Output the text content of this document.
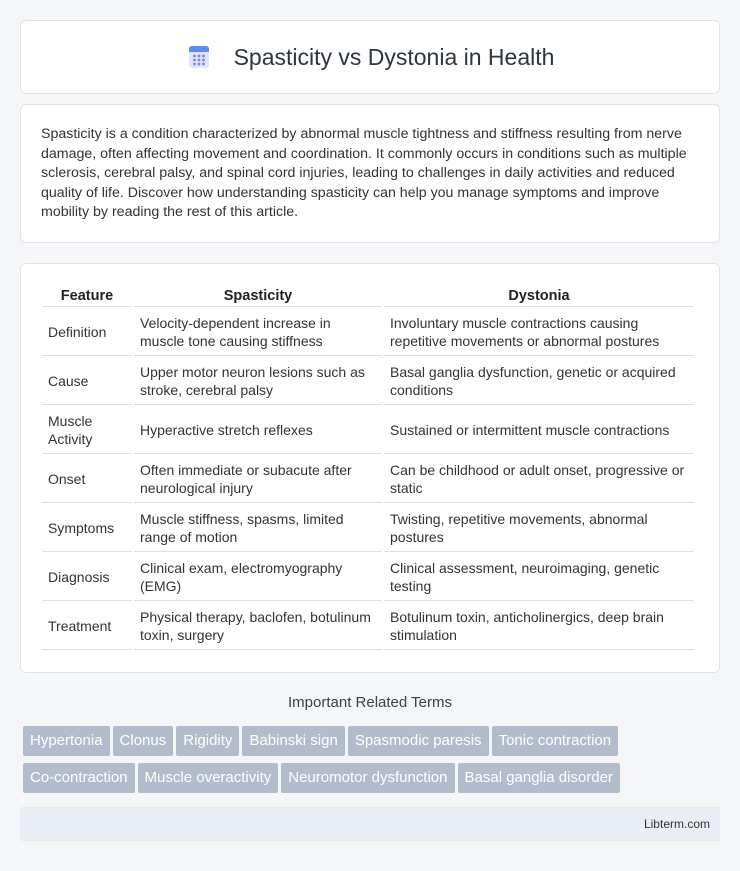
Spasticity vs Dystonia in Health

Spasticity is a condition characterized by abnormal muscle tightness and stiffness resulting from nerve damage, often affecting movement and coordination. It commonly occurs in conditions such as multiple sclerosis, cerebral palsy, and spinal cord injuries, leading to challenges in daily activities and reduced quality of life. Discover how understanding spasticity can help you manage symptoms and improve mobility by reading the rest of this article.

Feature	Spasticity	Dystonia
Definition	Velocity-dependent increase in muscle tone causing stiffness	Involuntary muscle contractions causing repetitive movements or abnormal postures
Cause	Upper motor neuron lesions such as stroke, cerebral palsy	Basal ganglia dysfunction, genetic or acquired conditions
Muscle Activity	Hyperactive stretch reflexes	Sustained or intermittent muscle contractions
Onset	Often immediate or subacute after neurological injury	Can be childhood or adult onset, progressive or static
Symptoms	Muscle stiffness, spasms, limited range of motion	Twisting, repetitive movements, abnormal postures
Diagnosis	Clinical exam, electromyography (EMG)	Clinical assessment, neuroimaging, genetic testing
Treatment	Physical therapy, baclofen, botulinum toxin, surgery	Botulinum toxin, anticholinergics, deep brain stimulation
Important Related Terms
Hypertonia Clonus Rigidity Babinski sign Spasmodic paresis Tonic contraction
Co-contraction Muscle overactivity Neuromotor dysfunction Basal ganglia disorder
Libterm.com
